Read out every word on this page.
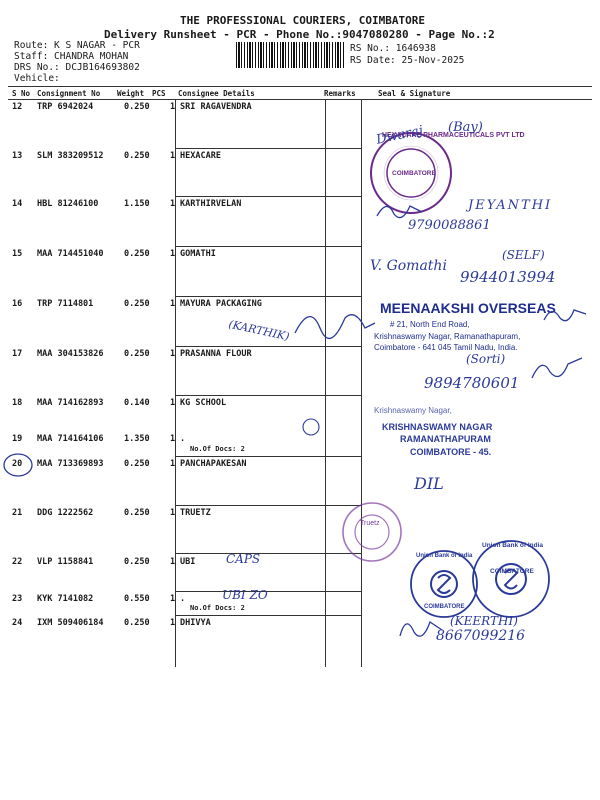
THE PROFESSIONAL COURIERS, COIMBATORE
Delivery Runsheet - PCR - Phone No.:9047080280 - Page No.:2
Route: K S NAGAR - PCR
Staff: CHANDRA MOHAN
DRS No.: DCJB164693802
Vehicle:
RS No.: 1646938
RS Date: 25-Nov-2025
S No Consignment No Weight PCS Consignee Details	Remarks	Seal & Signature
12 TRP 6942024	0.250 1 SRI RAGAVENDRA
13 SLM 383209512 0.250 1 HEXACARE
14 HBL 81246100	1.150 1 KARTHIRVELAN
15 MAA 714451040 0.250 1 GOMATHI
16 TRP 7114801	0.250 1 MAYURA PACKAGING
17 MAA 304153826 0.250 1 PRASANNA FLOUR
18 MAA 714162893 0.140 1 KG SCHOOL
19 MAA 714164106 1.350 1 .
No.Of Docs: 2
20 MAA 713369893 0.250 1 PANCHAPAKESAN
21 DDG 1222562	0.250 1 TRUETZ
22 VLP 1158841	0.250 1 UBI
23 KYK 7141082	0.550 1 .
No.Of Docs: 2
24 IXM 509406184 0.250 1 DHIVYA
HEXACARE PHARMACEUTICALS PVT LTD
COIMBATORE
MEENAAKSHI OVERSEAS
# 21, North End Road,
Krishnaswamy Nagar, Ramanathapuram,
Coimbatore - 641 045 Tamil Nadu, India.
Krishnaswamy Nagar,
KRISHNASWAMY NAGAR
RAMANATHAPURAM
COIMBATORE - 45.
Truetz
Union Bank of India
COIMBATORE
Union Bank of India
COIMBATORE
Dwaraj (Bay)
JEYANTHI
9790088861
V. Gomathi
(SELF)
9944013994
(KARTHIK)
(Sorti)
9894780601
DIL
CAPS
UBI ZO
(KEERTHI)
8667099216
